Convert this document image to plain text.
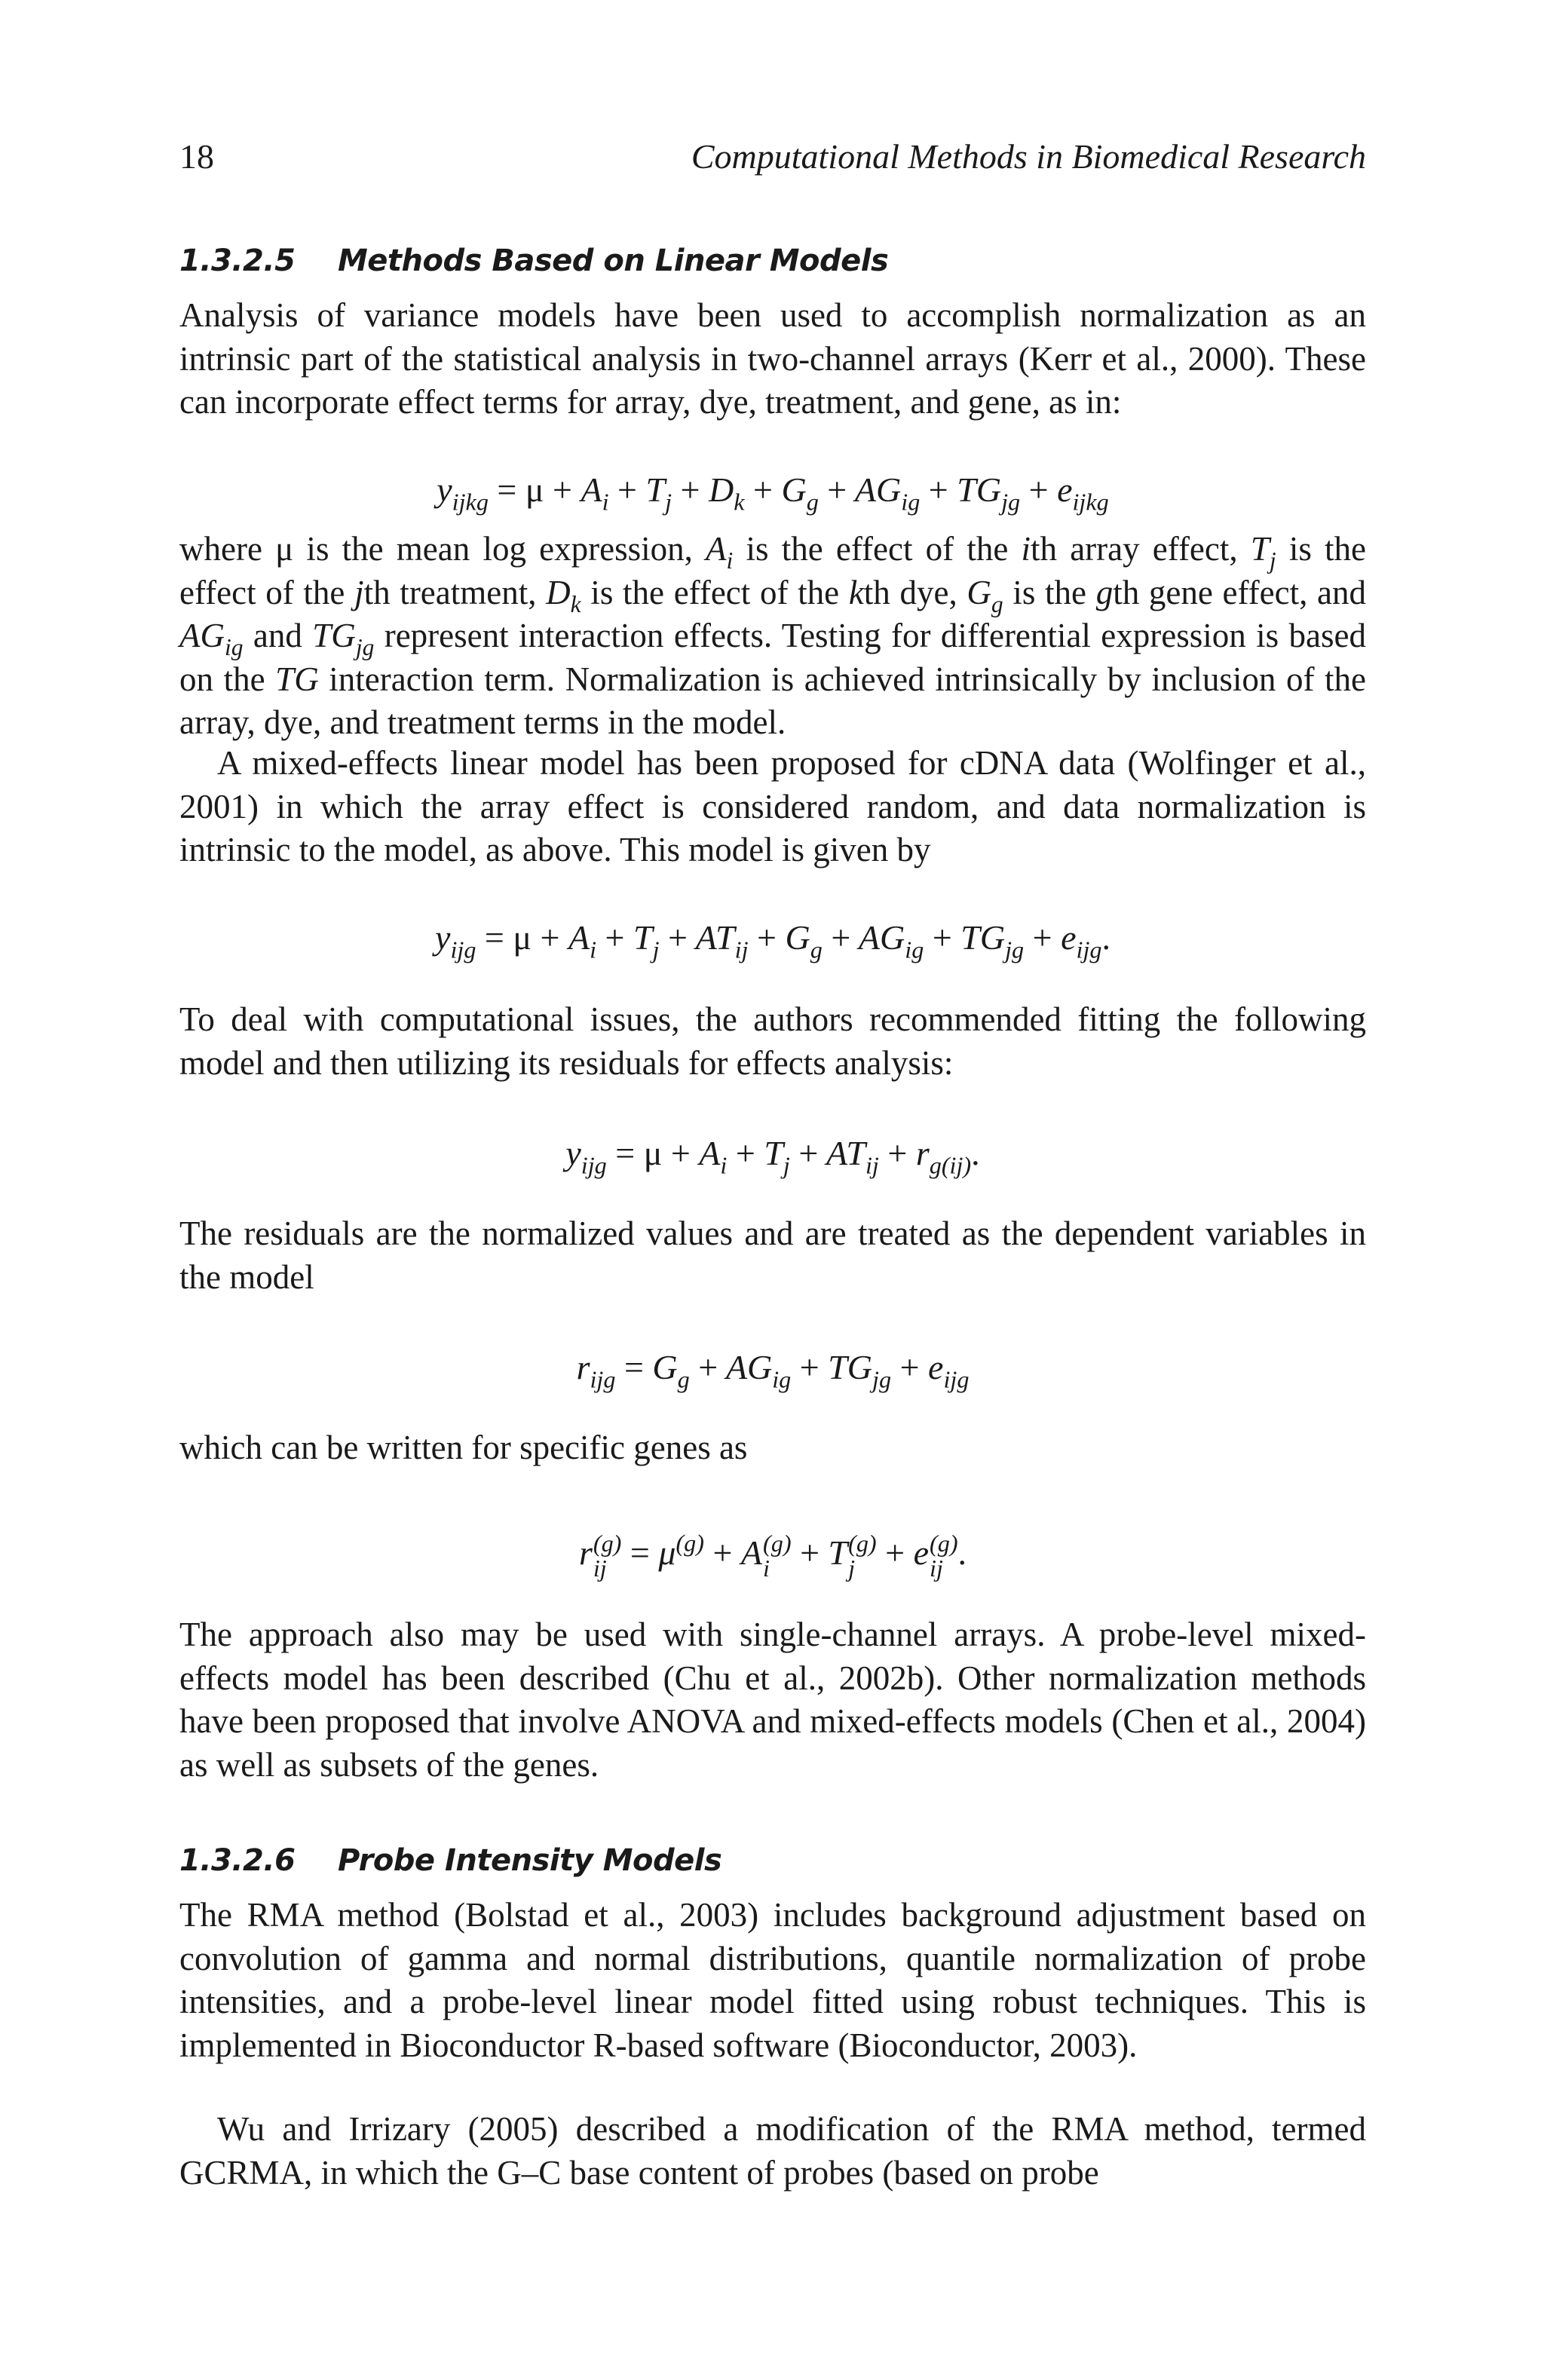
18	Computational Methods in Biomedical Research
1.3.2.5 Methods Based on Linear Models

Analysis of variance models have been used to accomplish normalization as an intrinsic part of the statistical analysis in two-channel arrays (Kerr et al., 2000). These can incorporate effect terms for array, dye, treatment, and gene, as in:

$y_{ijkg} = \mu + A_i + T_j + D_k + G_g + AG_{ig} + TG_{jg} + e_{ijkg}$

where μ is the mean log expression, $A_i$ is the effect of the ith array effect, $T_j$ is the effect of the jth treatment, $D_k$ is the effect of the kth dye, $G_g$ is the gth gene effect, and $AG_{ig}$ and $TG_{jg}$ represent interaction effects. Testing for differential expression is based on the TG interaction term. Normalization is achieved intrinsically by inclusion of the array, dye, and treatment terms in the model.

A mixed-effects linear model has been proposed for cDNA data (Wolfinger et al., 2001) in which the array effect is considered random, and data normalization is intrinsic to the model, as above. This model is given by

$y_{ijg} = \mu + A_i + T_j + AT_{ij} + G_g + AG_{ig} + TG_{jg} + e_{ijg}$.

To deal with computational issues, the authors recommended fitting the following model and then utilizing its residuals for effects analysis:

$y_{ijg} = \mu + A_i + T_j + AT_{ij} + r_{g(ij)}$.

The residuals are the normalized values and are treated as the dependent variables in the model

$r_{ijg} = G_g + AG_{ig} + TG_{jg} + e_{ijg}$

which can be written for specific genes as

r (g)
ij = $\mu^{(g)} + A$ (g)
i + T (g)
j + e (g)
ij .

The approach also may be used with single-channel arrays. A probe-level mixed-effects model has been described (Chu et al., 2002b). Other normalization methods have been proposed that involve ANOVA and mixed-effects models (Chen et al., 2004) as well as subsets of the genes.

1.3.2.6 Probe Intensity Models

The RMA method (Bolstad et al., 2003) includes background adjustment based on convolution of gamma and normal distributions, quantile normalization of probe intensities, and a probe-level linear model fitted using robust techniques. This is implemented in Bioconductor R-based software (Bioconductor, 2003).

Wu and Irrizary (2005) described a modification of the RMA method, termed GCRMA, in which the G–C base content of probes (based on probe
